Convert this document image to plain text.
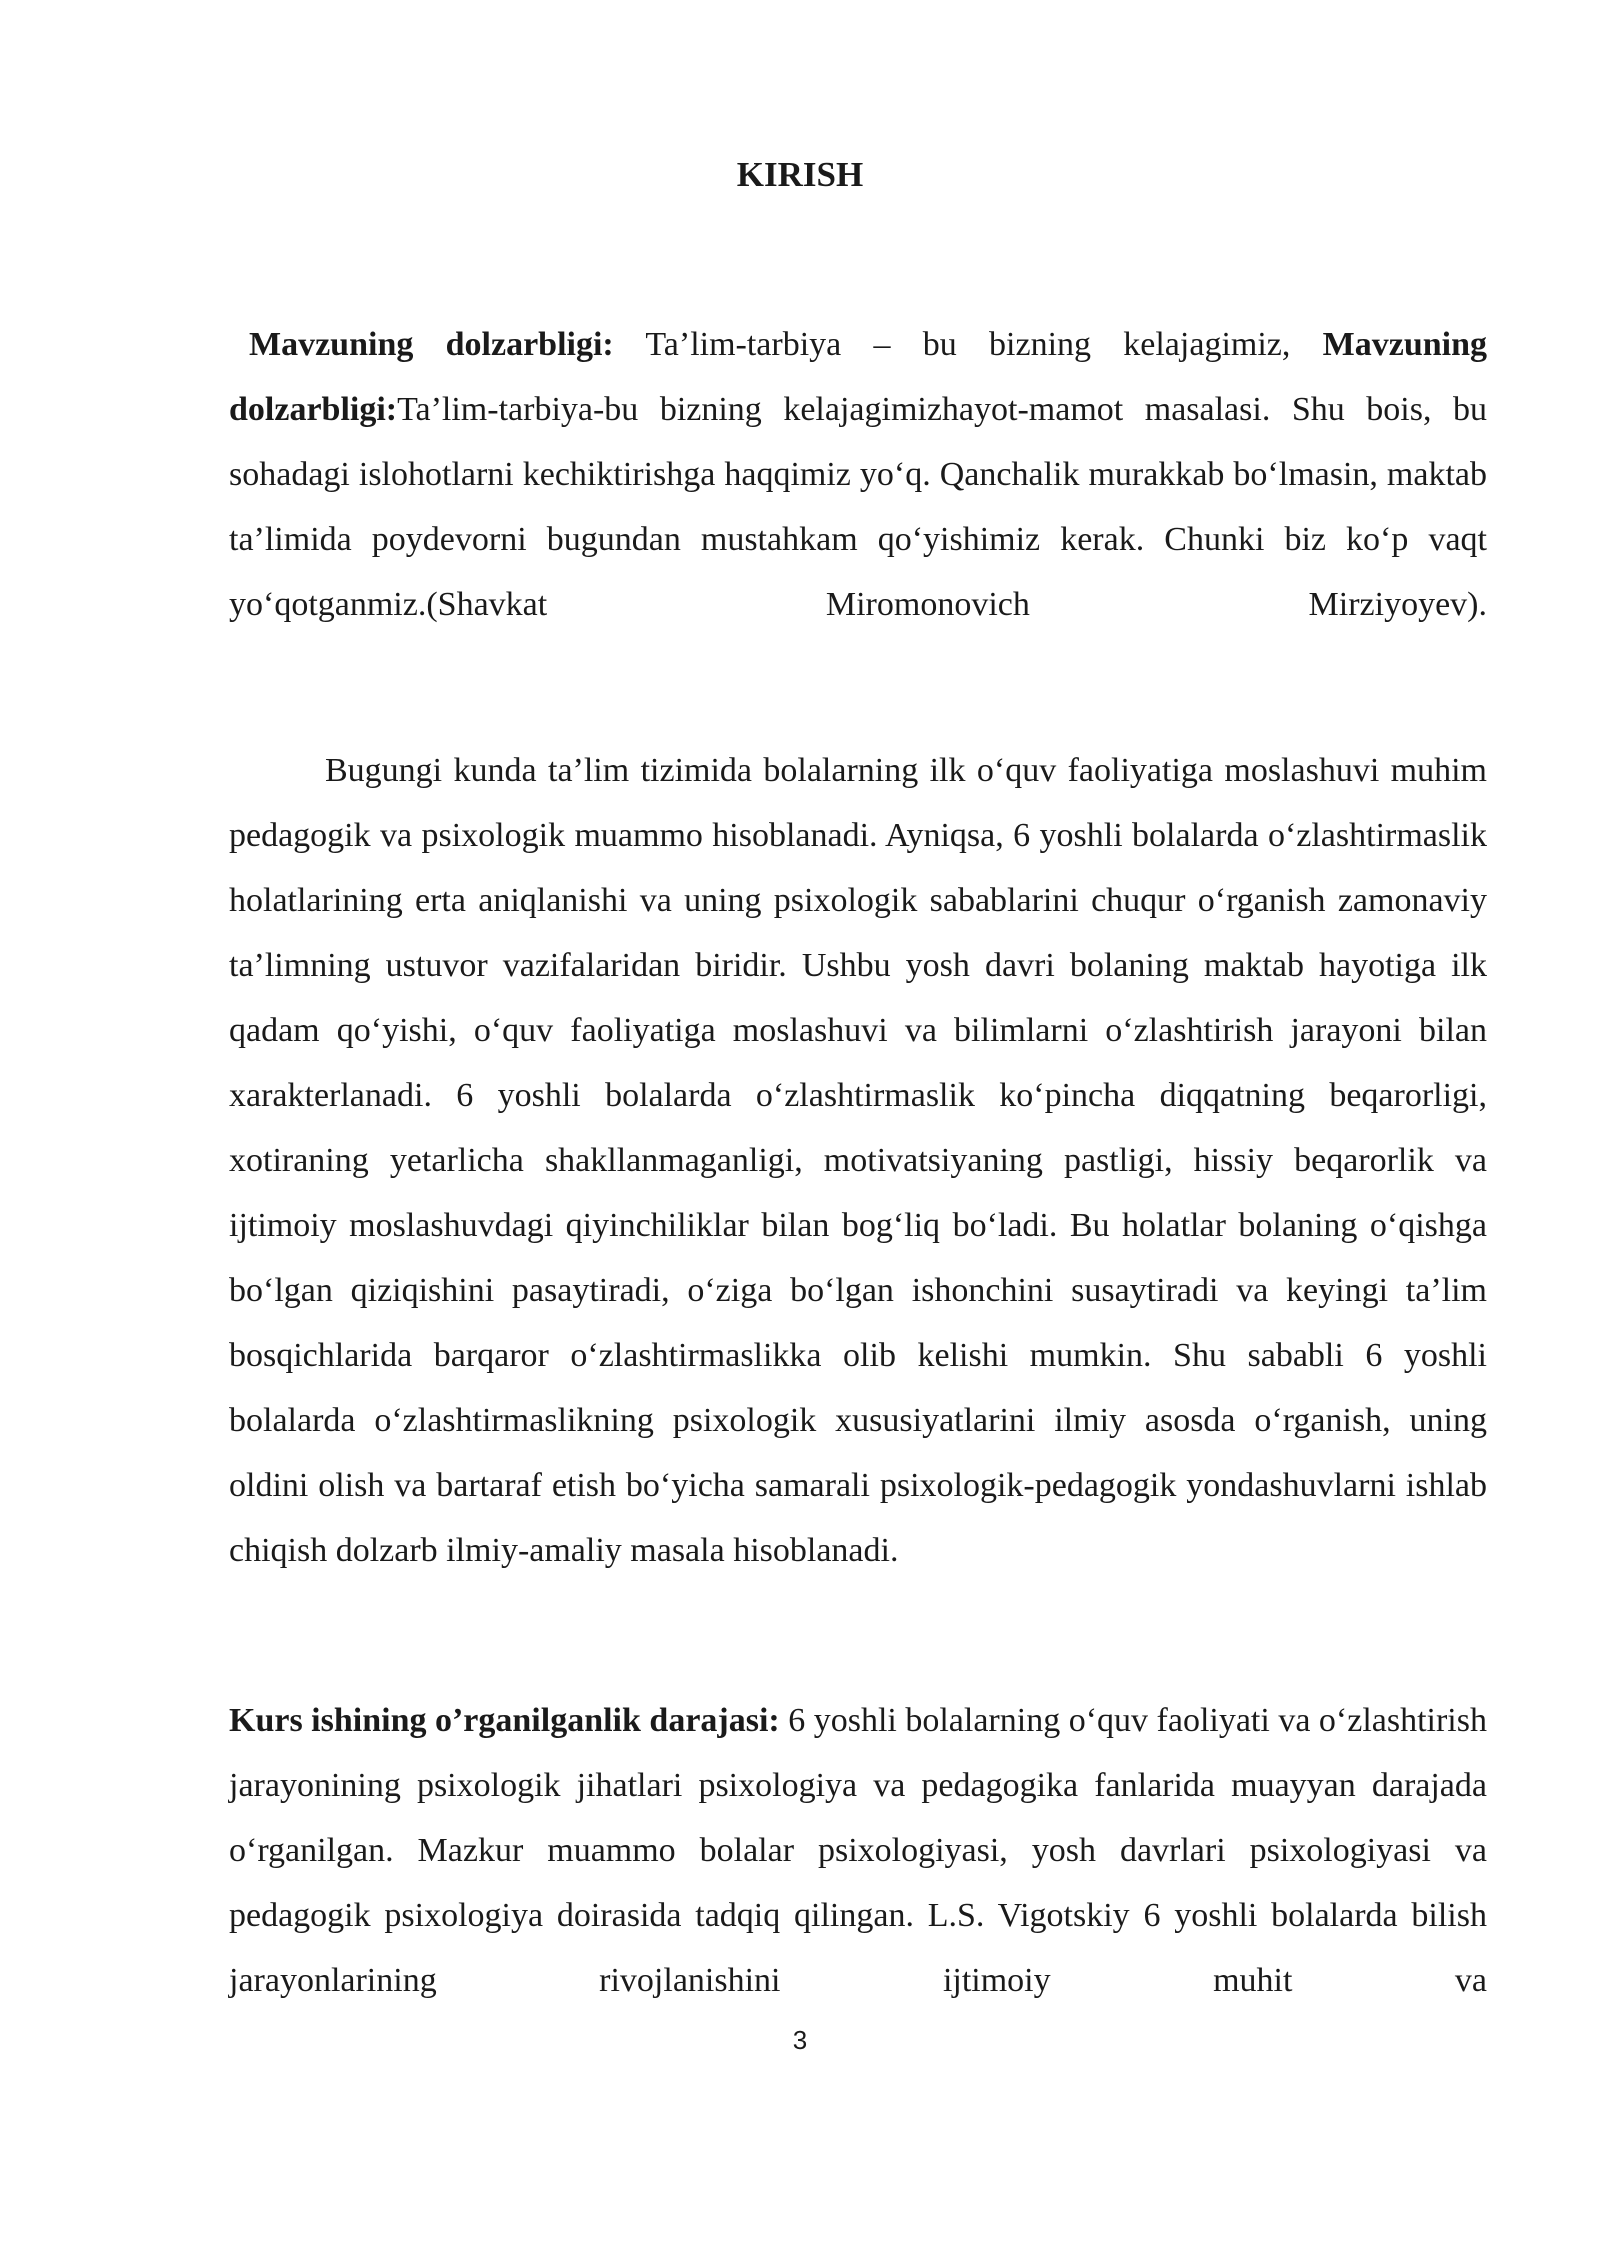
KIRISH

Mavzuning dolzarbligi: Ta’lim-tarbiya – bu bizning kelajagimiz, Mavzuning dolzarbligi:Ta’lim-tarbiya-bu bizning kelajagimizhayot-mamot masalasi. Shu bois, bu sohadagi islohotlarni kechiktirishga haqqimiz yo‘q. Qanchalik murakkab bo‘lmasin, maktab ta’limida poydevorni bugundan mustahkam qo‘yishimiz kerak. Chunki biz ko‘p vaqt yo‘qotganmiz.(Shavkat Miromonovich Mirziyoyev).

Bugungi kunda ta’lim tizimida bolalarning ilk o‘quv faoliyatiga moslashuvi muhim pedagogik va psixologik muammo hisoblanadi. Ayniqsa, 6 yoshli bolalarda o‘zlashtirmaslik holatlarining erta aniqlanishi va uning psixologik sabablarini chuqur o‘rganish zamonaviy ta’limning ustuvor vazifalaridan biridir. Ushbu yosh davri bolaning maktab hayotiga ilk qadam qo‘yishi, o‘quv faoliyatiga moslashuvi va bilimlarni o‘zlashtirish jarayoni bilan xarakterlanadi. 6 yoshli bolalarda o‘zlashtirmaslik ko‘pincha diqqatning beqarorligi, xotiraning yetarlicha shakllanmaganligi, motivatsiyaning pastligi, hissiy beqarorlik va ijtimoiy moslashuvdagi qiyinchiliklar bilan bog‘liq bo‘ladi. Bu holatlar bolaning o‘qishga bo‘lgan qiziqishini pasaytiradi, o‘ziga bo‘lgan ishonchini susaytiradi va keyingi ta’lim bosqichlarida barqaror o‘zlashtirmaslikka olib kelishi mumkin. Shu sababli 6 yoshli bolalarda o‘zlashtirmaslikning psixologik xususiyatlarini ilmiy asosda o‘rganish, uning oldini olish va bartaraf etish bo‘yicha samarali psixologik-pedagogik yondashuvlarni ishlab chiqish dolzarb ilmiy-amaliy masala hisoblanadi.

Kurs ishining o’rganilganlik darajasi: 6 yoshli bolalarning o‘quv faoliyati va o‘zlashtirish jarayonining psixologik jihatlari psixologiya va pedagogika fanlarida muayyan darajada o‘rganilgan. Mazkur muammo bolalar psixologiyasi, yosh davrlari psixologiyasi va pedagogik psixologiya doirasida tadqiq qilingan. L.S. Vigotskiy 6 yoshli bolalarda bilish jarayonlarining rivojlanishini ijtimoiy muhit va

3
